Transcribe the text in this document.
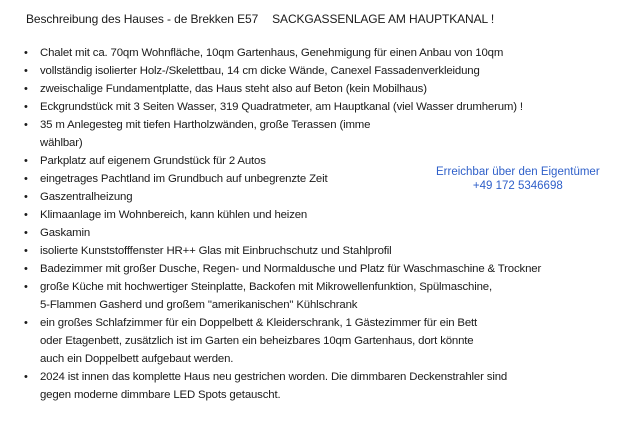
Beschreibung des Hauses - de Brekken E57 SACKGASSENLAGE AM HAUPTKANAL !
• Chalet mit ca. 70qm Wohnfläche, 10qm Gartenhaus, Genehmigung für einen Anbau von 10qm
• vollständig isolierter Holz-/Skelettbau, 14 cm dicke Wände, Canexel Fassadenverkleidung
• zweischalige Fundamentplatte, das Haus steht also auf Beton (kein Mobilhaus)
• Eckgrundstück mit 3 Seiten Wasser, 319 Quadratmeter, am Hauptkanal (viel Wasser drumherum) !
• 35 m Anlegesteg mit tiefen Hartholzwänden, große Terassen (imme
wählbar)
• Parkplatz auf eigenem Grundstück für 2 Autos
• eingetrages Pachtland im Grundbuch auf unbegrenzte Zeit
• Gaszentralheizung
• Klimaanlage im Wohnbereich, kann kühlen und heizen
• Gaskamin
• isolierte Kunststofffenster HR++ Glas mit Einbruchschutz und Stahlprofil
• Badezimmer mit großer Dusche, Regen- und Normaldusche und Platz für Waschmaschine & Trockner
• große Küche mit hochwertiger Steinplatte, Backofen mit Mikrowellenfunktion, Spülmaschine,
5-Flammen Gasherd und großem "amerikanischen" Kühlschrank
• ein großes Schlafzimmer für ein Doppelbett & Kleiderschrank, 1 Gästezimmer für ein Bett
oder Etagenbett, zusätzlich ist im Garten ein beheizbares 10qm Gartenhaus, dort könnte
auch ein Doppelbett aufgebaut werden.
• 2024 ist innen das komplette Haus neu gestrichen worden. Die dimmbaren Deckenstrahler sind
gegen moderne dimmbare LED Spots getauscht.
Erreichbar über den Eigentümer
+49 172 5346698
